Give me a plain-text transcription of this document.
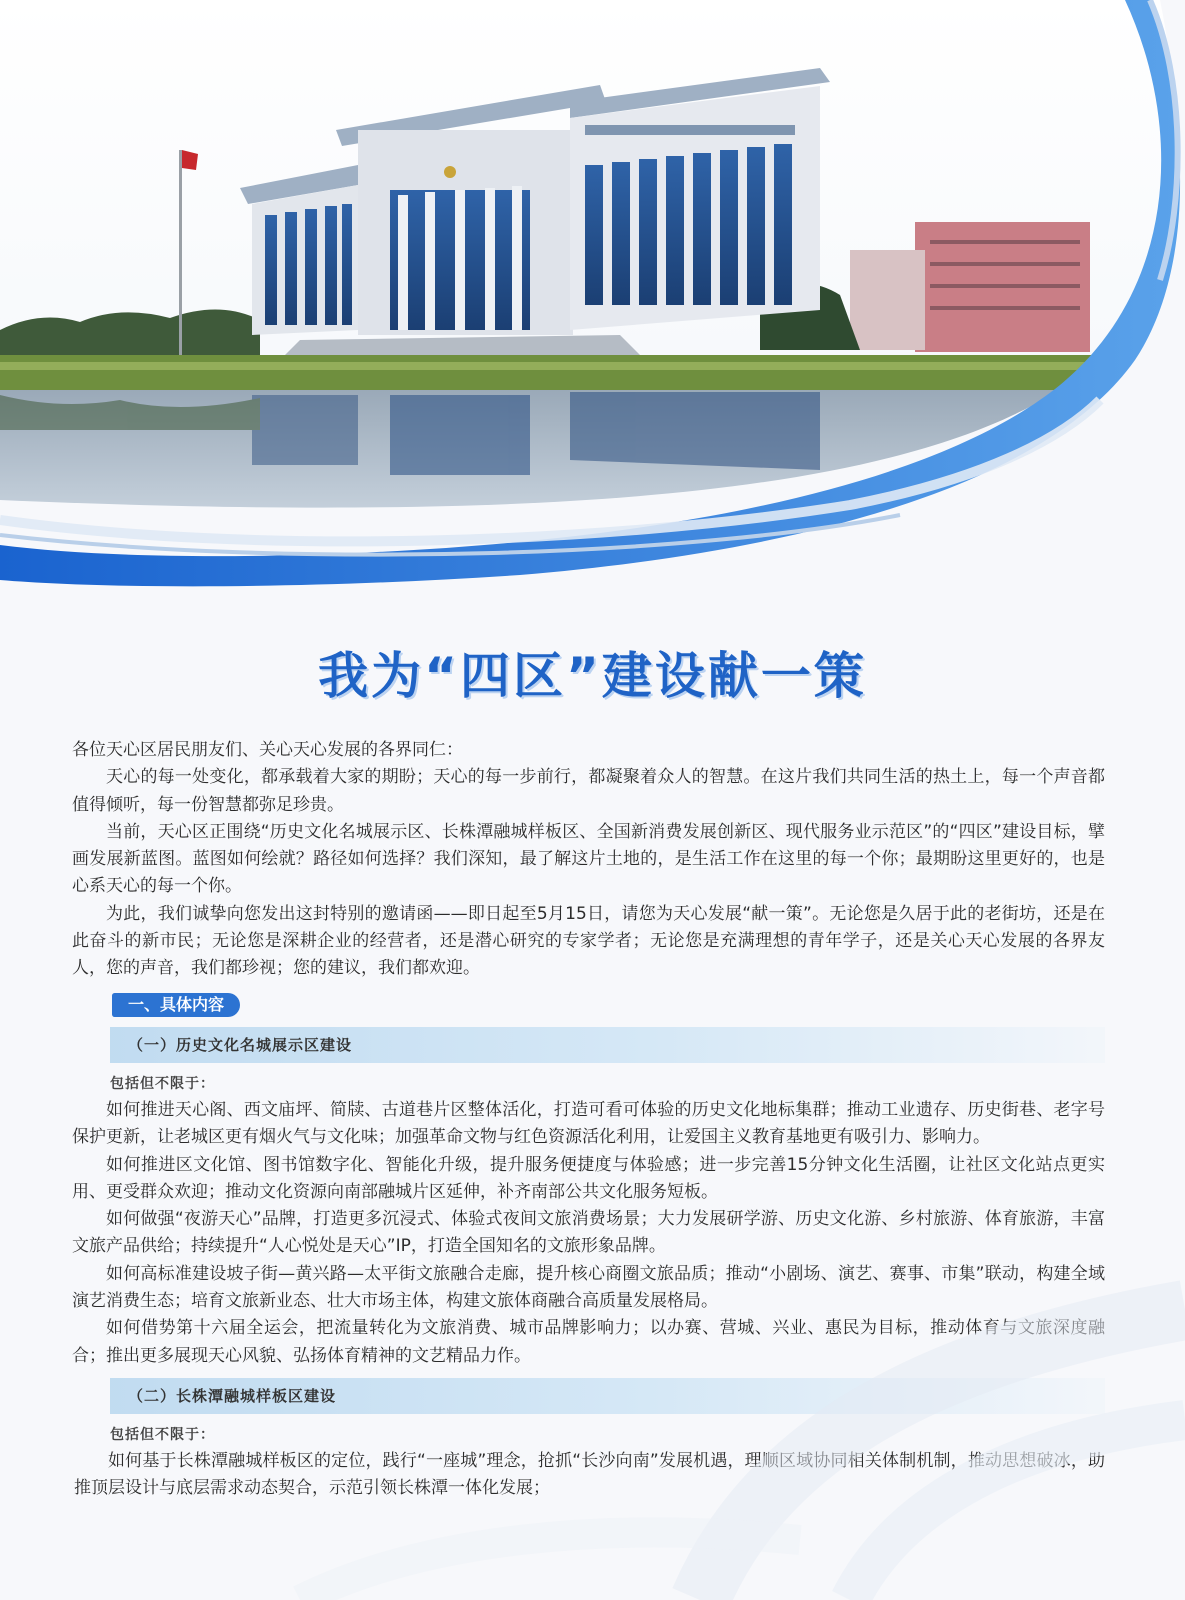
我为“四区”建设献一策

各位天心区居民朋友们、关心天心发展的各界同仁：

天心的每一处变化，都承载着大家的期盼；天心的每一步前行，都凝聚着众人的智慧。在这片我们共同生活的热土上，每一个声音都值得倾听，每一份智慧都弥足珍贵。

当前，天心区正围绕“历史文化名城展示区、长株潭融城样板区、全国新消费发展创新区、现代服务业示范区”的“四区”建设目标，擘画发展新蓝图。蓝图如何绘就？路径如何选择？我们深知，最了解这片土地的，是生活工作在这里的每一个你；最期盼这里更好的，也是心系天心的每一个你。

为此，我们诚挚向您发出这封特别的邀请函——即日起至5月15日，请您为天心发展“献一策”。无论您是久居于此的老街坊，还是在此奋斗的新市民；无论您是深耕企业的经营者，还是潜心研究的专家学者；无论您是充满理想的青年学子，还是关心天心发展的各界友人，您的声音，我们都珍视；您的建议，我们都欢迎。

一、具体内容
（一）历史文化名城展示区建设
包括但不限于：

如何推进天心阁、西文庙坪、简牍、古道巷片区整体活化，打造可看可体验的历史文化地标集群；推动工业遗存、历史街巷、老字号保护更新，让老城区更有烟火气与文化味；加强革命文物与红色资源活化利用，让爱国主义教育基地更有吸引力、影响力。

如何推进区文化馆、图书馆数字化、智能化升级，提升服务便捷度与体验感；进一步完善15分钟文化生活圈，让社区文化站点更实用、更受群众欢迎；推动文化资源向南部融城片区延伸，补齐南部公共文化服务短板。

如何做强“夜游天心”品牌，打造更多沉浸式、体验式夜间文旅消费场景；大力发展研学游、历史文化游、乡村旅游、体育旅游，丰富文旅产品供给；持续提升“人心悦处是天心”IP，打造全国知名的文旅形象品牌。

如何高标准建设坡子街—黄兴路—太平街文旅融合走廊，提升核心商圈文旅品质；推动“小剧场、演艺、赛事、市集”联动，构建全域演艺消费生态；培育文旅新业态、壮大市场主体，构建文旅体商融合高质量发展格局。

如何借势第十六届全运会，把流量转化为文旅消费、城市品牌影响力；以办赛、营城、兴业、惠民为目标，推动体育与文旅深度融合；推出更多展现天心风貌、弘扬体育精神的文艺精品力作。

（二）长株潭融城样板区建设
包括但不限于：

如何基于长株潭融城样板区的定位，践行“一座城”理念，抢抓“长沙向南”发展机遇，理顺区域协同相关体制机制，推动思想破冰，助推顶层设计与底层需求动态契合，示范引领长株潭一体化发展；
